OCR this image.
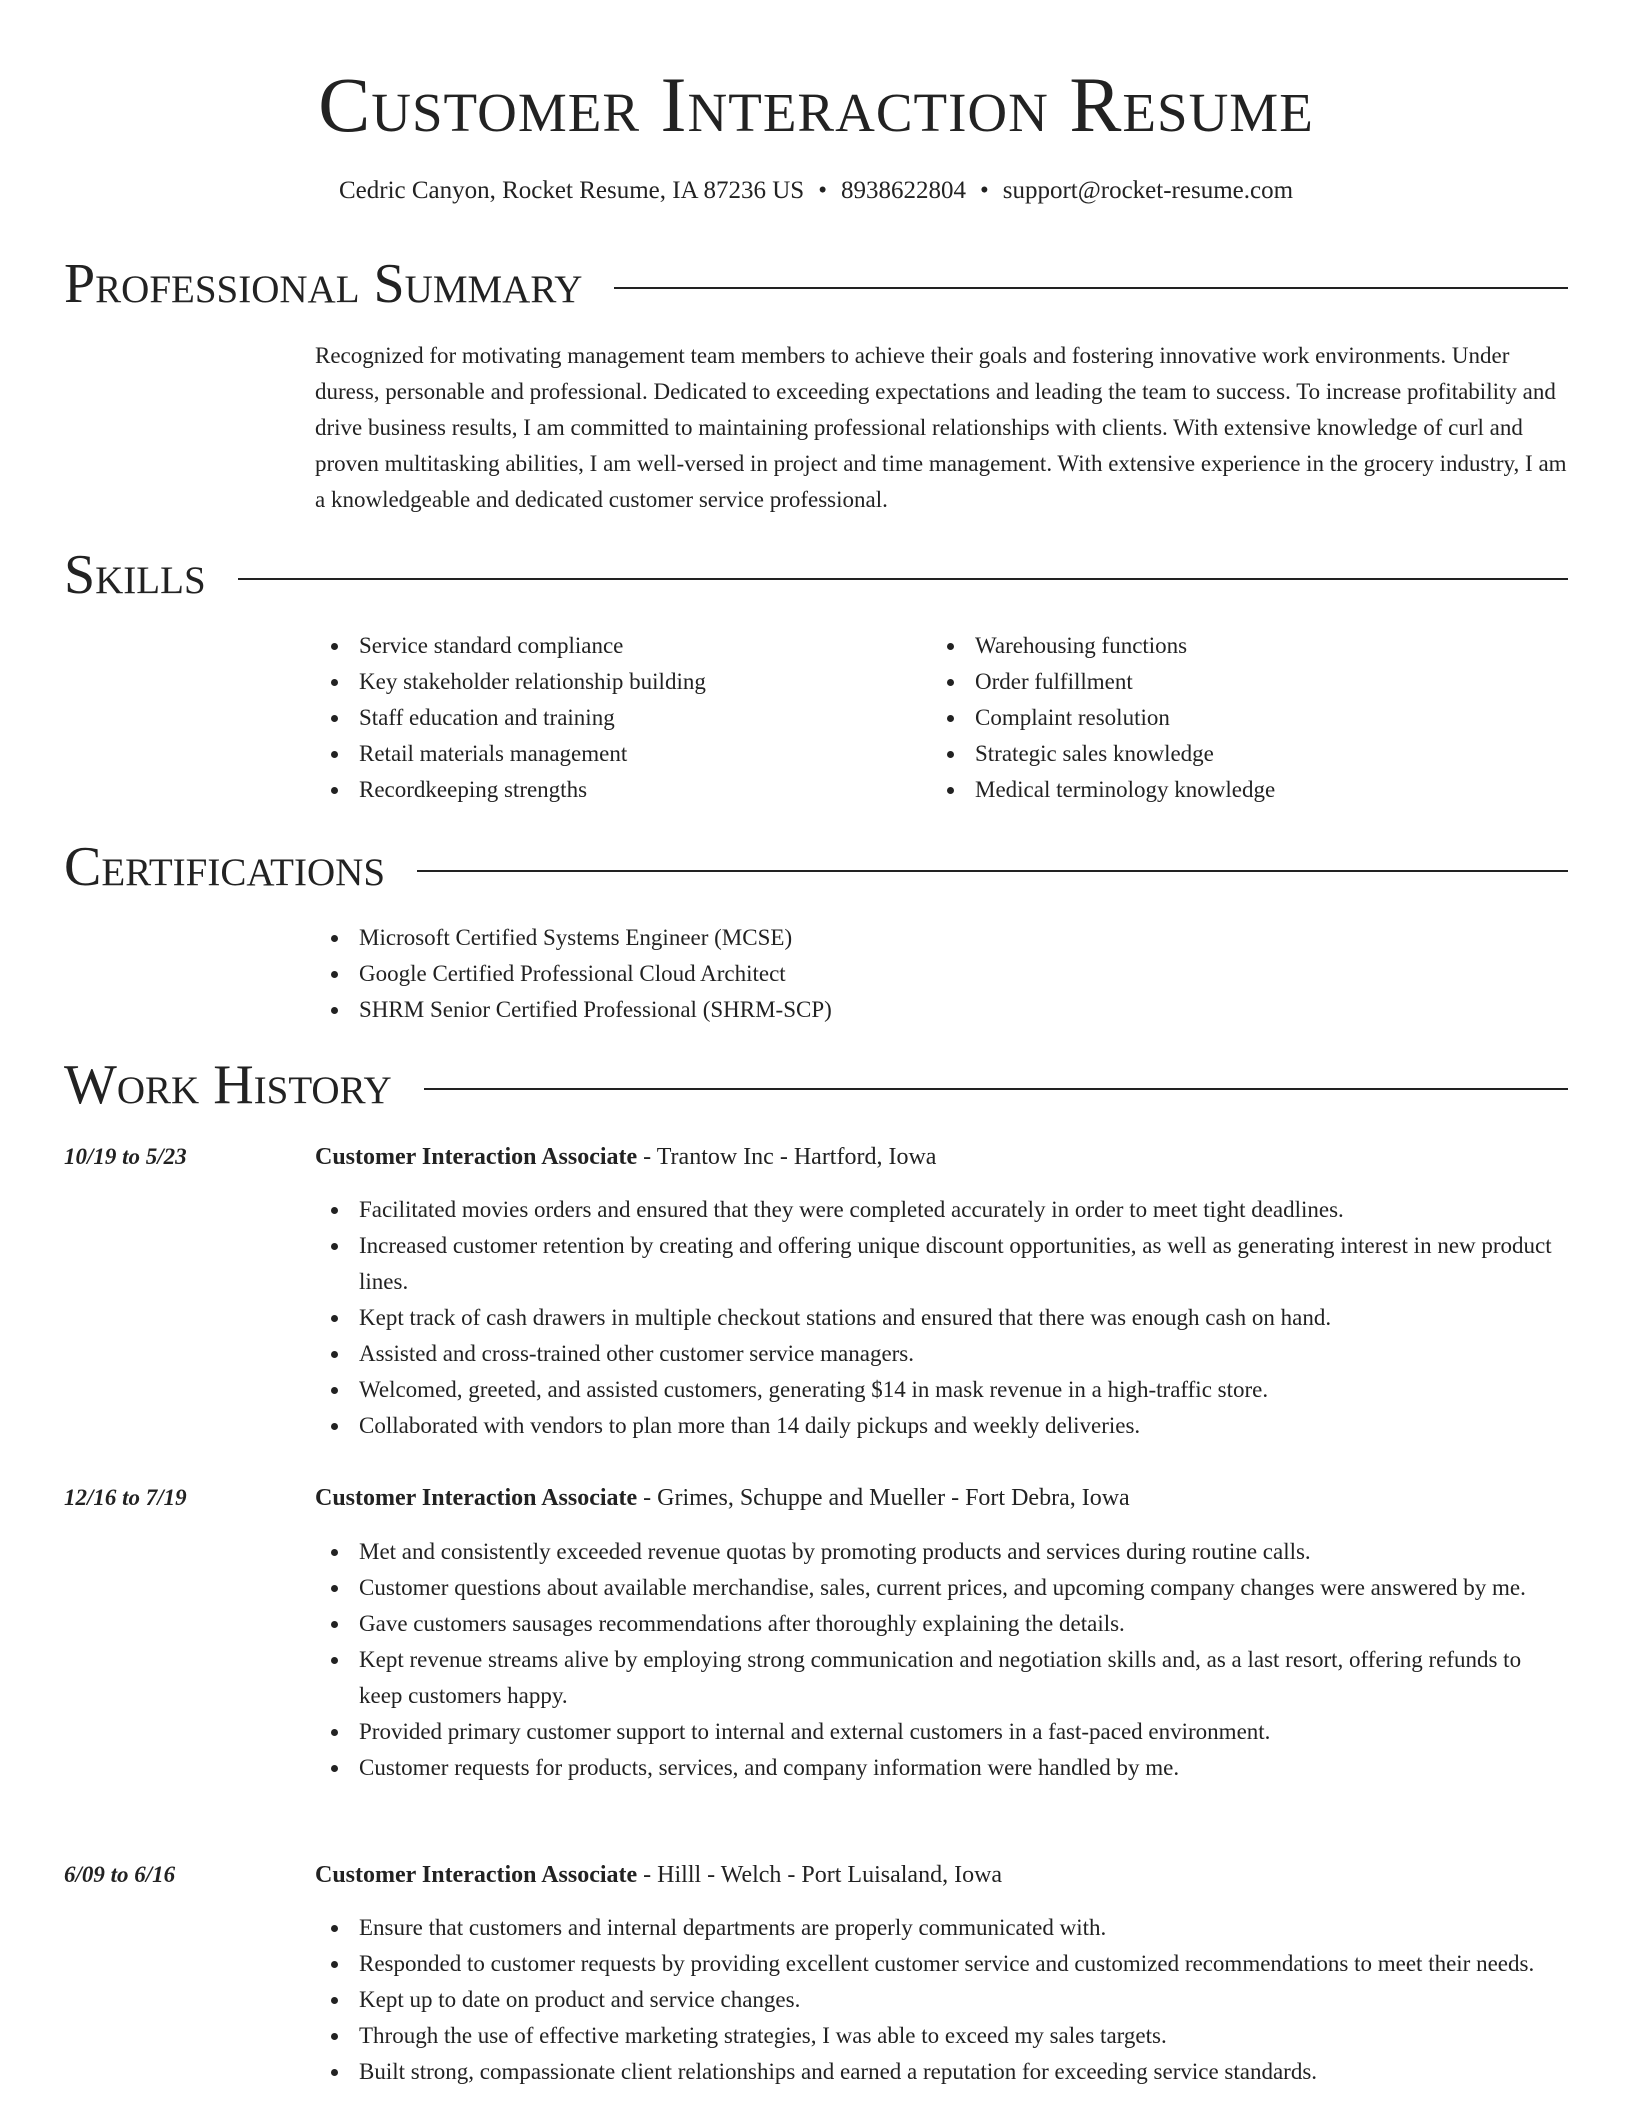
Customer Interaction Resume
Cedric Canyon, Rocket Resume, IA 87236 US • 8938622804 • support@rocket-resume.com
Professional Summary
Recognized for motivating management team members to achieve their goals and fostering innovative work environments. Under duress, personable and professional. Dedicated to exceeding expectations and leading the team to success. To increase profitability and drive business results, I am committed to maintaining professional relationships with clients. With extensive knowledge of curl and proven multitasking abilities, I am well-versed in project and time management. With extensive experience in the grocery industry, I am a knowledgeable and dedicated customer service professional.
Skills
Service standard compliance
Key stakeholder relationship building
Staff education and training
Retail materials management
Recordkeeping strengths
Warehousing functions
Order fulfillment
Complaint resolution
Strategic sales knowledge
Medical terminology knowledge
Certifications
Microsoft Certified Systems Engineer (MCSE)
Google Certified Professional Cloud Architect
SHRM Senior Certified Professional (SHRM-SCP)
Work History
10/19 to 5/23	Customer Interaction Associate - Trantow Inc - Hartford, Iowa
Facilitated movies orders and ensured that they were completed accurately in order to meet tight deadlines.
Increased customer retention by creating and offering unique discount opportunities, as well as generating interest in new product lines.
Kept track of cash drawers in multiple checkout stations and ensured that there was enough cash on hand.
Assisted and cross-trained other customer service managers.
Welcomed, greeted, and assisted customers, generating $14 in mask revenue in a high-traffic store.
Collaborated with vendors to plan more than 14 daily pickups and weekly deliveries.
12/16 to 7/19	Customer Interaction Associate - Grimes, Schuppe and Mueller - Fort Debra, Iowa
Met and consistently exceeded revenue quotas by promoting products and services during routine calls.
Customer questions about available merchandise, sales, current prices, and upcoming company changes were answered by me.
Gave customers sausages recommendations after thoroughly explaining the details.
Kept revenue streams alive by employing strong communication and negotiation skills and, as a last resort, offering refunds to keep customers happy.
Provided primary customer support to internal and external customers in a fast-paced environment.
Customer requests for products, services, and company information were handled by me.
6/09 to 6/16	Customer Interaction Associate - Hilll - Welch - Port Luisaland, Iowa
Ensure that customers and internal departments are properly communicated with.
Responded to customer requests by providing excellent customer service and customized recommendations to meet their needs.
Kept up to date on product and service changes.
Through the use of effective marketing strategies, I was able to exceed my sales targets.
Built strong, compassionate client relationships and earned a reputation for exceeding service standards.
